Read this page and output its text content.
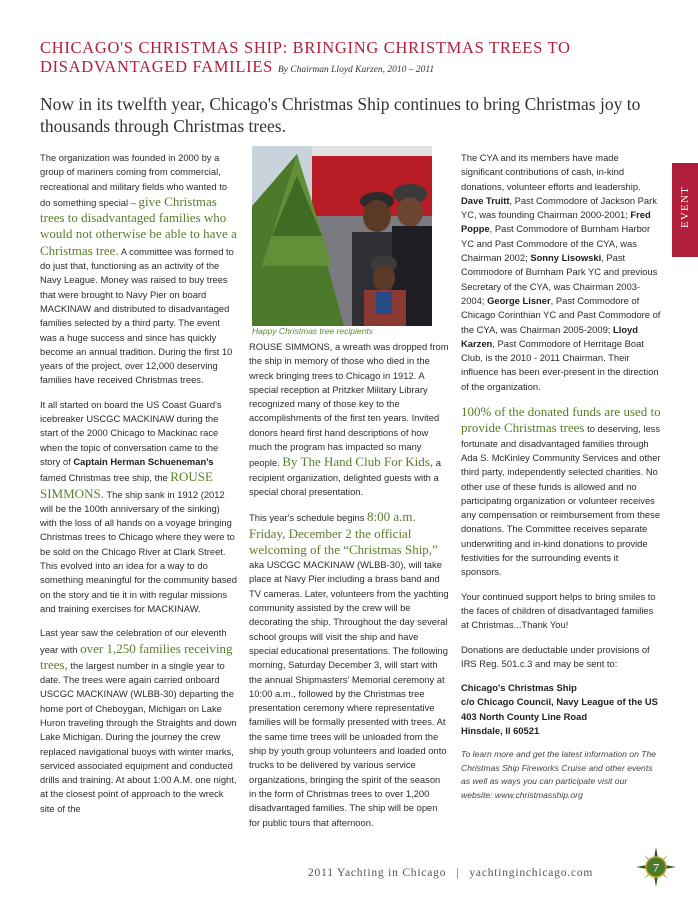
CHICAGO'S CHRISTMAS SHIP: BRINGING CHRISTMAS TREES TO
DISADVANTAGED FAMILIES By Chairman Lloyd Karzen, 2010 – 2011
Now in its twelfth year, Chicago's Christmas Ship continues to bring Christmas joy to thousands through Christmas trees.
EVENT

The organization was founded in 2000 by a group of mariners coming from commercial, recreational and military fields who wanted to do something special – give Christmas trees to disadvantaged families who would not otherwise be able to have a Christmas tree. A committee was formed to do just that, functioning as an activity of the Navy League. Money was raised to buy trees that were brought to Navy Pier on board MACKINAW and distributed to disadvantaged families selected by a third party. The event was a huge success and since has quickly become an annual tradition. During the first 10 years of the project, over 12,000 deserving families have received Christmas trees.

It all started on board the US Coast Guard's icebreaker USCGC MACKINAW during the start of the 2000 Chicago to Mackinac race when the topic of conversation came to the story of Captain Herman Schueneman's famed Christmas tree ship, the ROUSE SIMMONS. The ship sank in 1912 (2012 will be the 100th anniversary of the sinking) with the loss of all hands on a voyage bringing Christmas trees to Chicago where they were to be sold on the Chicago River at Clark Street. This evolved into an idea for a way to do something meaningful for the community based on the story and tie it in with regular missions and training exercises for MACKINAW.

Last year saw the celebration of our eleventh year with over 1,250 families receiving trees, the largest number in a single year to date. The trees were again carried onboard USCGC MACKINAW (WLBB-30) departing the home port of Cheboygan, Michigan on Lake Huron traveling through the Straights and down Lake Michigan. During the journey the crew replaced navigational buoys with winter marks, serviced associated equipment and conducted drills and training. At about 1:00 A.M. one night, at the closest point of approach to the wreck site of the

Happy Christmas tree recipients

ROUSE SIMMONS, a wreath was dropped from the ship in memory of those who died in the wreck bringing trees to Chicago in 1912. A special reception at Pritzker Military Library recognized many of those key to the accomplishments of the first ten years. Invited donors heard first hand descriptions of how much the program has impacted so many people. By The Hand Club For Kids, a recipient organization, delighted guests with a special choral presentation.

This year's schedule begins 8:00 a.m. Friday, December 2 the official welcoming of the “Christmas Ship,” aka USCGC MACKINAW (WLBB-30), will take place at Navy Pier including a brass band and TV cameras. Later, volunteers from the yachting community assisted by the crew will be decorating the ship. Throughout the day several school groups will visit the ship and have special educational presentations. The following morning, Saturday December 3, will start with the annual Shipmasters' Memorial ceremony at 10:00 a.m., followed by the Christmas tree presentation ceremony where representative families will be formally presented with trees. At the same time trees will be unloaded from the ship by youth group volunteers and loaded onto trucks to be delivered by various service organizations, bringing the spirit of the season in the form of Christmas trees to over 1,200 disadvantaged families. The ship will be open for public tours that afternoon.

The CYA and its members have made significant contributions of cash, in-kind donations, volunteer efforts and leadership. Dave Truitt, Past Commodore of Jackson Park YC, was founding Chairman 2000-2001; Fred Poppe, Past Commodore of Burnham Harbor YC and Past Commodore of the CYA, was Chairman 2002; Sonny Lisowski, Past Commodore of Burnham Park YC and previous Secretary of the CYA, was Chairman 2003-2004; George Lisner, Past Commodore of Chicago Corinthian YC and Past Commodore of the CYA, was Chairman 2005-2009; Lloyd Karzen, Past Commodore of Herritage Boat Club, is the 2010 - 2011 Chairman. Their influence has been ever-present in the direction of the organization.

100% of the donated funds are used to provide Christmas trees to deserving, less fortunate and disadvantaged families through Ada S. McKinley Community Services and other third party, independently selected charities. No other use of these funds is allowed and no participating organization or volunteer receives any compensation or reimbursement from these donations. The Committee receives separate underwriting and in-kind donations to provide festivities for the surrounding events it sponsors.

Your continued support helps to bring smiles to the faces of children of disadvantaged families at Christmas...Thank You!

Donations are deductable under provisions of IRS Reg. 501.c.3 and may be sent to:

Chicago's Christmas Ship
c/o Chicago Council, Navy League of the US
403 North County Line Road
Hinsdale, Il 60521

To learn more and get the latest information on The Christmas Ship Fireworks Cruise and other events as well as ways you can participate visit our website: www.christmasship.org

2011 Yachting in Chicago | yachtinginchicago.com	7
